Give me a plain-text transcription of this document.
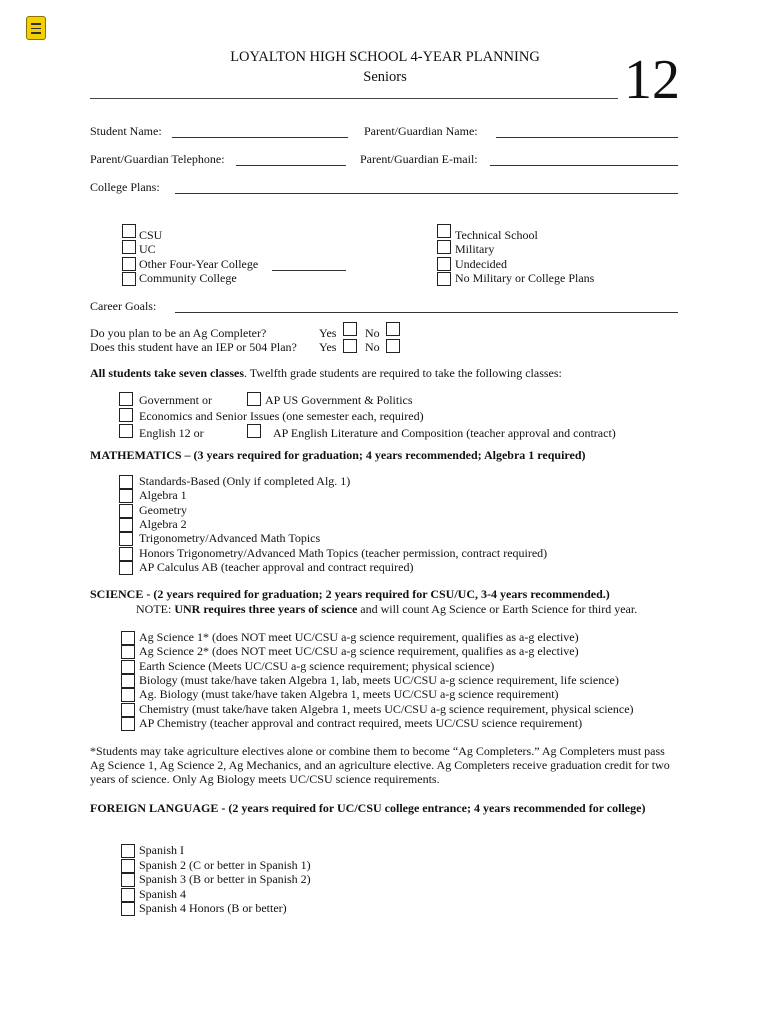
LOYALTON HIGH SCHOOL 4-YEAR PLANNING
Seniors	12
Student Name:	Parent/Guardian Name:
Parent/Guardian Telephone:	Parent/Guardian E-mail:
College Plans:
CSU
UC
Other Four-Year College
Community College
Technical School
Military
Undecided
No Military or College Plans
Career Goals:
Do you plan to be an Ag Completer?	Yes No
Does this student have an IEP or 504 Plan? Yes No
All students take seven classes. Twelfth grade students are required to take the following classes:
Government or	AP US Government & Politics
Economics and Senior Issues (one semester each, required)
English 12 or	AP English Literature and Composition (teacher approval and contract)
MATHEMATICS – (3 years required for graduation; 4 years recommended; Algebra 1 required)
Standards-Based (Only if completed Alg. 1)
Algebra 1
Geometry
Algebra 2
Trigonometry/Advanced Math Topics
Honors Trigonometry/Advanced Math Topics (teacher permission, contract required)
AP Calculus AB (teacher approval and contract required)
SCIENCE - (2 years required for graduation; 2 years required for CSU/UC, 3-4 years recommended.)
NOTE: UNR requires three years of science and will count Ag Science or Earth Science for third year.
Ag Science 1* (does NOT meet UC/CSU a-g science requirement, qualifies as a-g elective)
Ag Science 2* (does NOT meet UC/CSU a-g science requirement, qualifies as a-g elective)
Earth Science (Meets UC/CSU a-g science requirement; physical science)
Biology (must take/have taken Algebra 1, lab, meets UC/CSU a-g science requirement, life science)
Ag. Biology (must take/have taken Algebra 1, meets UC/CSU a-g science requirement)
Chemistry (must take/have taken Algebra 1, meets UC/CSU a-g science requirement, physical science)
AP Chemistry (teacher approval and contract required, meets UC/CSU science requirement)

*Students may take agriculture electives alone or combine them to become “Ag Completers.” Ag Completers must pass Ag Science 1, Ag Science 2, Ag Mechanics, and an agriculture elective. Ag Completers receive graduation credit for two years of science. Only Ag Biology meets UC/CSU science requirements.

FOREIGN LANGUAGE - (2 years required for UC/CSU college entrance; 4 years recommended for college)
Spanish I
Spanish 2 (C or better in Spanish 1)
Spanish 3 (B or better in Spanish 2)
Spanish 4
Spanish 4 Honors (B or better)
